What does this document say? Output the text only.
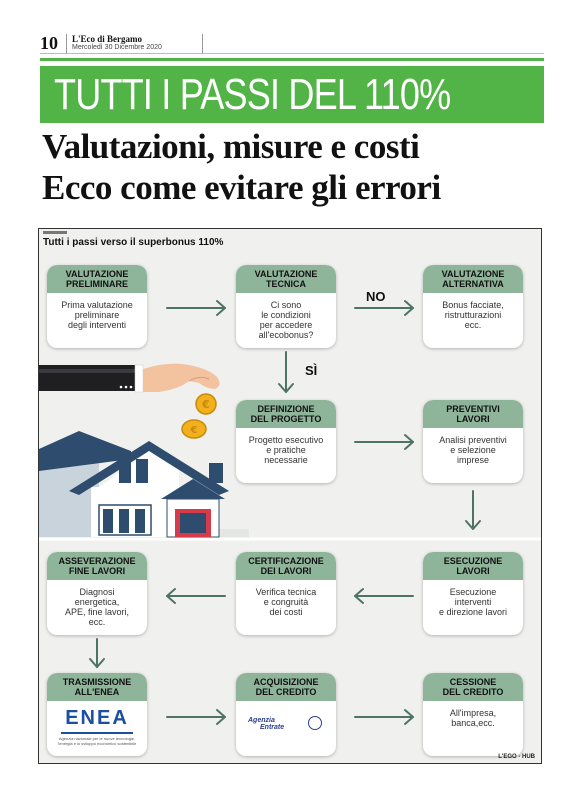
10 L'Eco di Bergamo
Mercoledì 30 Dicembre 2020
TUTTI I PASSI DEL 110%
Valutazioni, misure e costi
Ecco come evitare gli errori
Tutti i passi verso il superbonus 110%
€
€
VALUTAZIONE
PRELIMINARE
Prima valutazione
preliminare
degli interventi
VALUTAZIONE
TECNICA
Ci sono
le condizioni
per accedere
all'ecobonus?
VALUTAZIONE
ALTERNATIVA
Bonus facciate,
ristrutturazioni
ecc.
DEFINIZIONE
DEL PROGETTO
Progetto esecutivo
e pratiche
necessarie
PREVENTIVI
LAVORI
Analisi preventivi
e selezione
imprese
ASSEVERAZIONE
FINE LAVORI
Diagnosi
energetica,
APE, fine lavori,
ecc.
CERTIFICAZIONE
DEI LAVORI
Verifica tecnica
e congruità
dei costi
ESECUZIONE
LAVORI
Esecuzione
interventi
e direzione lavori
TRASMISSIONE
ALL'ENEA
ENEA
Agenzia nazionale per le nuove tecnologie,
l'energia e lo sviluppo economico sostenibile
ACQUISIZIONE
DEL CREDITO
Agenzia
Entrate
CESSIONE
DEL CREDITO
All'impresa,
banca,ecc.
NO
SÌ
L'EGO - HUB
